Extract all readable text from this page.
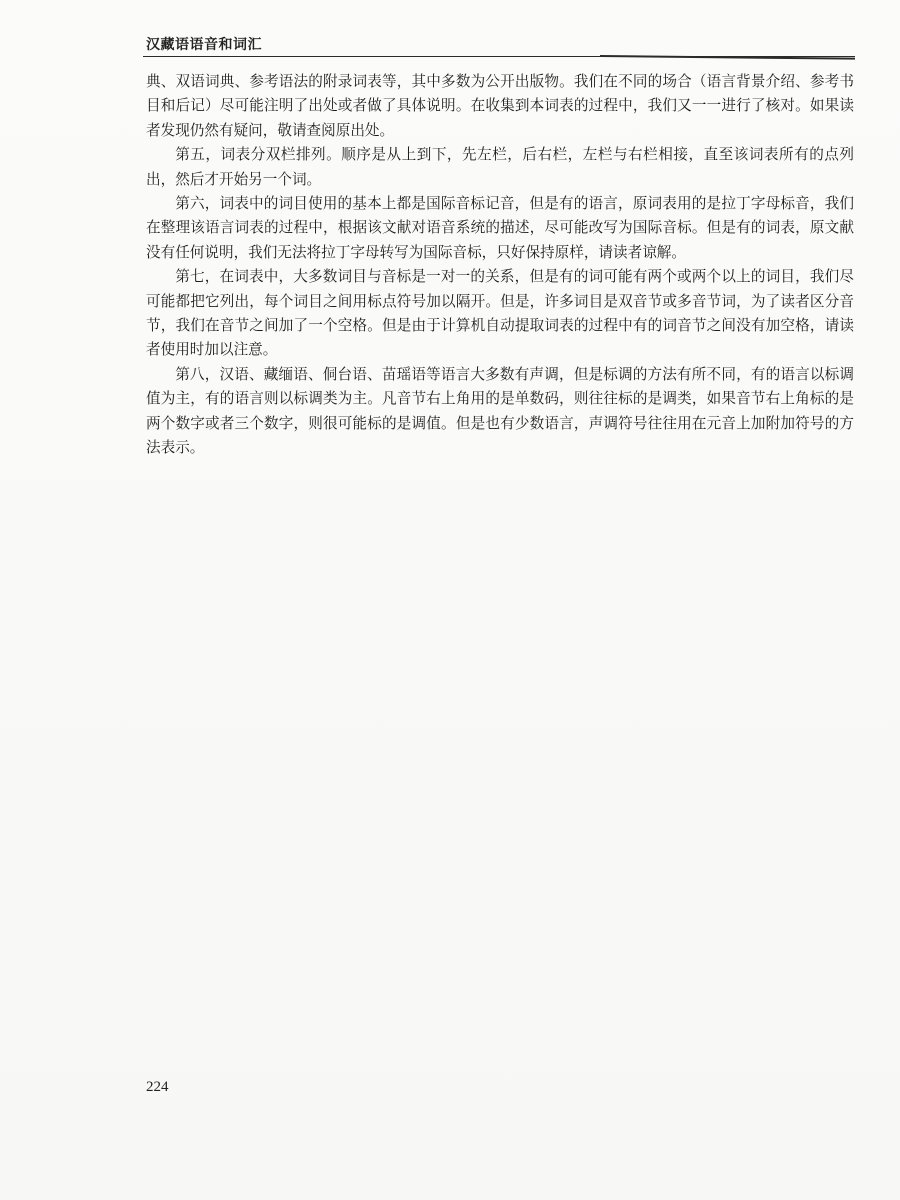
汉藏语语音和词汇

典、双语词典、参考语法的附录词表等，其中多数为公开出版物。我们在不同的场合（语言背景介绍、参考书目和后记）尽可能注明了出处或者做了具体说明。在收集到本词表的过程中，我们又一一进行了核对。如果读者发现仍然有疑问，敬请查阅原出处。

第五，词表分双栏排列。顺序是从上到下，先左栏，后右栏，左栏与右栏相接，直至该词表所有的点列出，然后才开始另一个词。

第六，词表中的词目使用的基本上都是国际音标记音，但是有的语言，原词表用的是拉丁字母标音，我们在整理该语言词表的过程中，根据该文献对语音系统的描述，尽可能改写为国际音标。但是有的词表，原文献没有任何说明，我们无法将拉丁字母转写为国际音标，只好保持原样，请读者谅解。

第七，在词表中，大多数词目与音标是一对一的关系，但是有的词可能有两个或两个以上的词目，我们尽可能都把它列出，每个词目之间用标点符号加以隔开。但是，许多词目是双音节或多音节词，为了读者区分音节，我们在音节之间加了一个空格。但是由于计算机自动提取词表的过程中有的词音节之间没有加空格，请读者使用时加以注意。

第八，汉语、藏缅语、侗台语、苗瑶语等语言大多数有声调，但是标调的方法有所不同，有的语言以标调值为主，有的语言则以标调类为主。凡音节右上角用的是单数码，则往往标的是调类，如果音节右上角标的是两个数字或者三个数字，则很可能标的是调值。但是也有少数语言，声调符号往往用在元音上加附加符号的方法表示。

224
